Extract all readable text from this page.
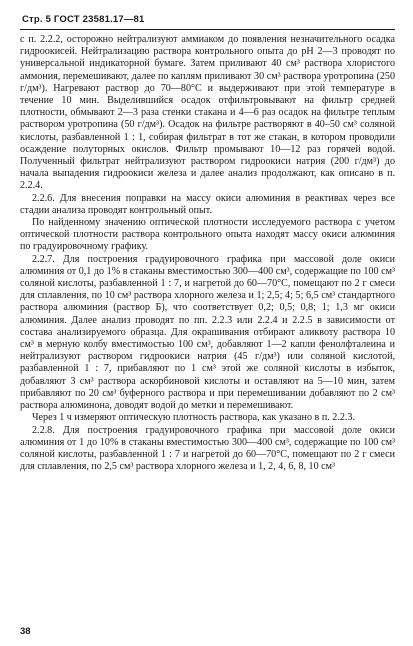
Стр. 5 ГОСТ 23581.17—81

с п. 2.2.2, осторожно нейтрализуют аммиаком до появления незначительного осадка гидроокисей. Нейтрализацию раствора контрольного опыта до pH 2—3 проводят по универсальной индикаторной бумаге. Затем приливают 40 см³ раствора хлористого аммония, перемешивают, далее по каплям приливают 30 см³ раствора уротропина (250 г/дм³). Нагревают раствор до 70—80°С и выдерживают при этой температуре в течение 10 мин. Выделившийся осадок отфильтровывают на фильтр средней плотности, обмывают 2—3 раза стенки стакана и 4—6 раз осадок на фильтре теплым раствором уротропина (50 г/дм³). Осадок на фильтре растворяют в 40–50 см³ соляной кислоты, разбавленной 1 : 1, собирая фильтрат в тот же стакан, в котором проводили осаждение полуторных окислов. Фильтр промывают 10—12 раз горячей водой. Полученный фильтрат нейтрализуют раствором гидроокиси натрия (200 г/дм³) до начала выпадения гидроокиси железа и далее анализ продолжают, как описано в п. 2.2.4.

2.2.6. Для внесения поправки на массу окиси алюминия в реактивах через все стадии анализа проводят контрольный опыт.

По найденному значению оптической плотности исследуемого раствора с учетом оптической плотности раствора контрольного опыта находят массу окиси алюминия по градуировочному графику.

2.2.7. Для построения градуировочного графика при массовой доле окиси алюминия от 0,1 до 1% в стаканы вместимостью 300—400 см³, содержащие по 100 см³ соляной кислоты, разбавленной 1 : 7, и нагретой до 60—70°С, помещают по 2 г смеси для сплавления, по 10 см³ раствора хлорного железа и 1; 2,5; 4; 5; 6,5 см³ стандартного раствора алюминия (раствор Б), что соответствует 0,2; 0,5; 0,8; 1; 1,3 мг окиси алюминия. Далее анализ проводят по пп. 2.2.3 или 2.2.4 и 2.2.5 в зависимости от состава анализируемого образца. Для окрашивания отбирают аликвоту раствора 10 см³ в мерную колбу вместимостью 100 см³, добавляют 1—2 капли фенолфталеина и нейтрализуют раствором гидроокиси натрия (45 г/дм³) или соляной кислотой, разбавленной 1 : 7, прибавляют по 1 см³ этой же соляной кислоты в избыток, добавляют 3 см³ раствора аскорбиновой кислоты и оставляют на 5—10 мин, затем прибавляют по 20 см³ буферного раствора и при перемешивании добавляют по 2 см³ раствора алюминона, доводят водой до метки и перемешивают.

Через 1 ч измеряют оптическую плотность раствора, как указано в п. 2.2.3.

2.2.8. Для построения градуировочного графика при массовой доле окиси алюминия от 1 до 10% в стаканы вместимостью 300—400 см³, содержащие по 100 см³ соляной кислоты, разбавленной 1 : 7 и нагретой до 60—70°С, помещают по 2 г смеси для сплавления, по 2,5 см³ раствора хлорного железа и 1, 2, 4, 6, 8, 10 см³

38
